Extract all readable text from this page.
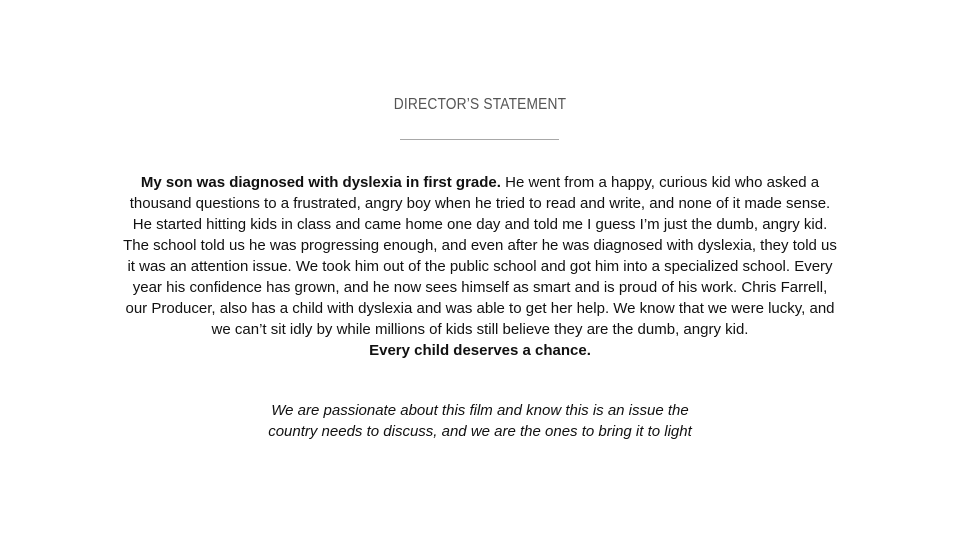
DIRECTOR’S STATEMENT
My son was diagnosed with dyslexia in first grade. He went from a happy, curious kid who asked a
thousand questions to a frustrated, angry boy when he tried to read and write, and none of it made sense.
He started hitting kids in class and came home one day and told me I guess I’m just the dumb, angry kid.
The school told us he was progressing enough, and even after he was diagnosed with dyslexia, they told us
it was an attention issue. We took him out of the public school and got him into a specialized school. Every
year his confidence has grown, and he now sees himself as smart and is proud of his work. Chris Farrell,
our Producer, also has a child with dyslexia and was able to get her help. We know that we were lucky, and
we can’t sit idly by while millions of kids still believe they are the dumb, angry kid.
Every child deserves a chance.
We are passionate about this film and know this is an issue the
country needs to discuss, and we are the ones to bring it to light
